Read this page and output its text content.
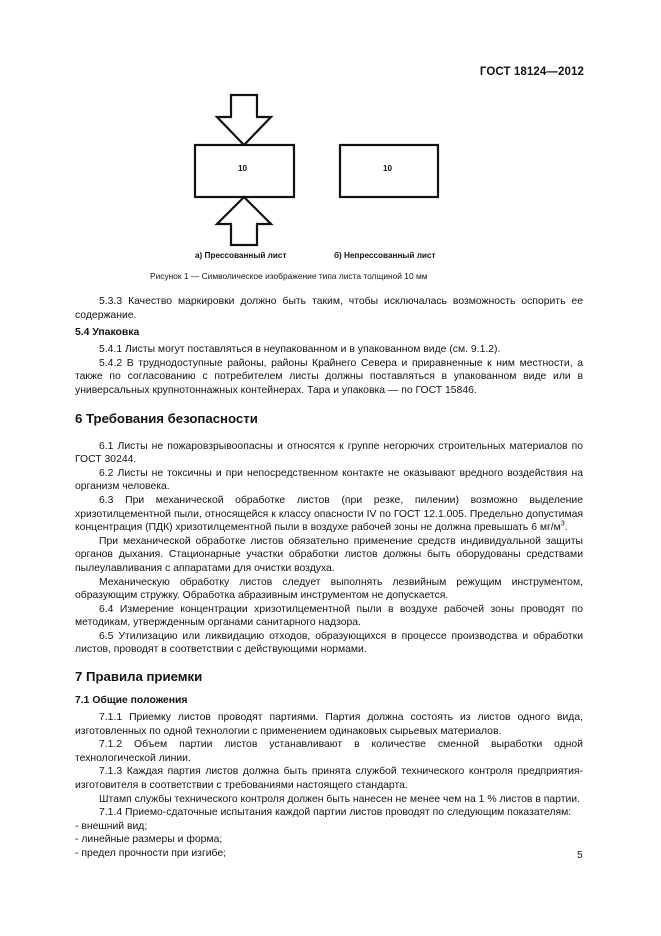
ГОСТ 18124—2012
10	10
а) Прессованный лист	б) Непрессованный лист
Рисунок 1 — Символическое изображение типа листа толщиной 10 мм
5.3.3 Качество маркировки должно быть таким, чтобы исключалась возможность оспорить ее содержание.
5.4 Упаковка
5.4.1 Листы могут поставляться в неупакованном и в упакованном виде (см. 9.1.2).
5.4.2 В труднодоступные районы, районы Крайнего Севера и приравненные к ним местности, а также по согласованию с потребителем листы должны поставляться в упакованном виде или в универсальных крупнотоннажных контейнерах. Тара и упаковка — по ГОСТ 15846.
6 Требования безопасности
6.1 Листы не пожаровзрывоопасны и относятся к группе негорючих строительных материалов по ГОСТ 30244.
6.2 Листы не токсичны и при непосредственном контакте не оказывают вредного воздействия на организм человека.
6.3 При механической обработке листов (при резке, пилении) возможно выделение хризотилцементной пыли, относящейся к классу опасности IV по ГОСТ 12.1.005. Предельно допустимая концентрация (ПДК) хризотилцементной пыли в воздухе рабочей зоны не должна превышать 6 $мг/м^3$.
При механической обработке листов обязательно применение средств индивидуальной защиты органов дыхания. Стационарные участки обработки листов должны быть оборудованы средствами пылеулавливания с аппаратами для очистки воздуха.
Механическую обработку листов следует выполнять лезвийным режущим инструментом, образующим стружку. Обработка абразивным инструментом не допускается.
6.4 Измерение концентрации хризотилцементной пыли в воздухе рабочей зоны проводят по методикам, утвержденным органами санитарного надзора.
6.5 Утилизацию или ликвидацию отходов, образующихся в процессе производства и обработки листов, проводят в соответствии с действующими нормами.
7 Правила приемки
7.1 Общие положения
7.1.1 Приемку листов проводят партиями. Партия должна состоять из листов одного вида, изготовленных по одной технологии с применением одинаковых сырьевых материалов.
7.1.2 Объем партии листов устанавливают в количестве сменной выработки одной технологической линии.
7.1.3 Каждая партия листов должна быть принята службой технического контроля предприятия-изготовителя в соответствии с требованиями настоящего стандарта.
Штамп службы технического контроля должен быть нанесен не менее чем на 1 % листов в партии.
7.1.4 Приемо-сдаточные испытания каждой партии листов проводят по следующим показателям:
- внешний вид;
- линейные размеры и форма;
- предел прочности при изгибе;	5
